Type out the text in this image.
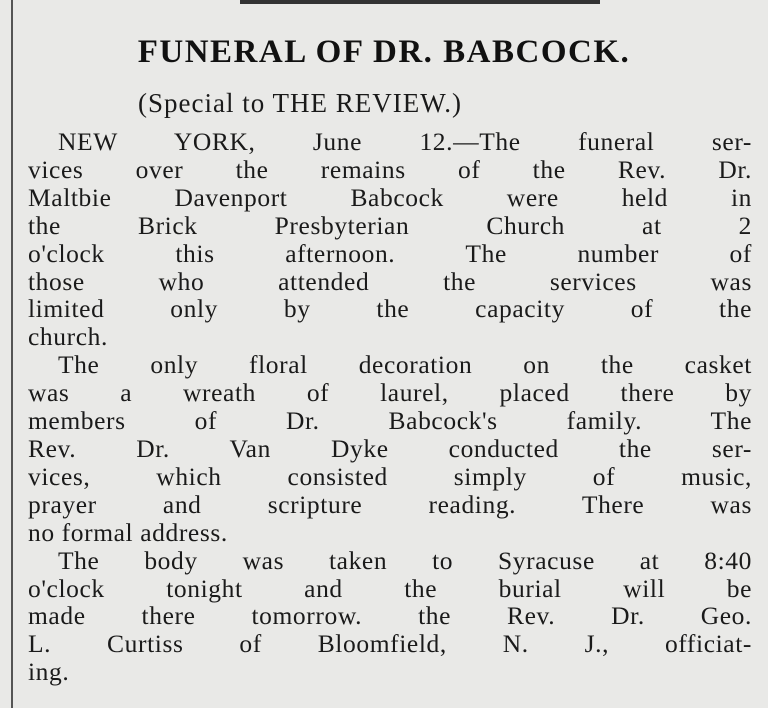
FUNERAL OF DR. BABCOCK.
(Special to THE REVIEW.)
NEW YORK, June 12.—The funeral ser-
vices over the remains of the Rev. Dr.
Maltbie Davenport Babcock were held in
the Brick Presbyterian Church at 2
o'clock this afternoon. The number of
those who attended the services was
limited only by the capacity of the
church.
The only floral decoration on the casket
was a wreath of laurel, placed there by
members of Dr. Babcock's family. The
Rev. Dr. Van Dyke conducted the ser-
vices, which consisted simply of music,
prayer and scripture reading. There was
no formal address.
The body was taken to Syracuse at 8:40
o'clock tonight and the burial will be
made there tomorrow. the Rev. Dr. Geo.
L. Curtiss of Bloomfield, N. J., officiat-
ing.
